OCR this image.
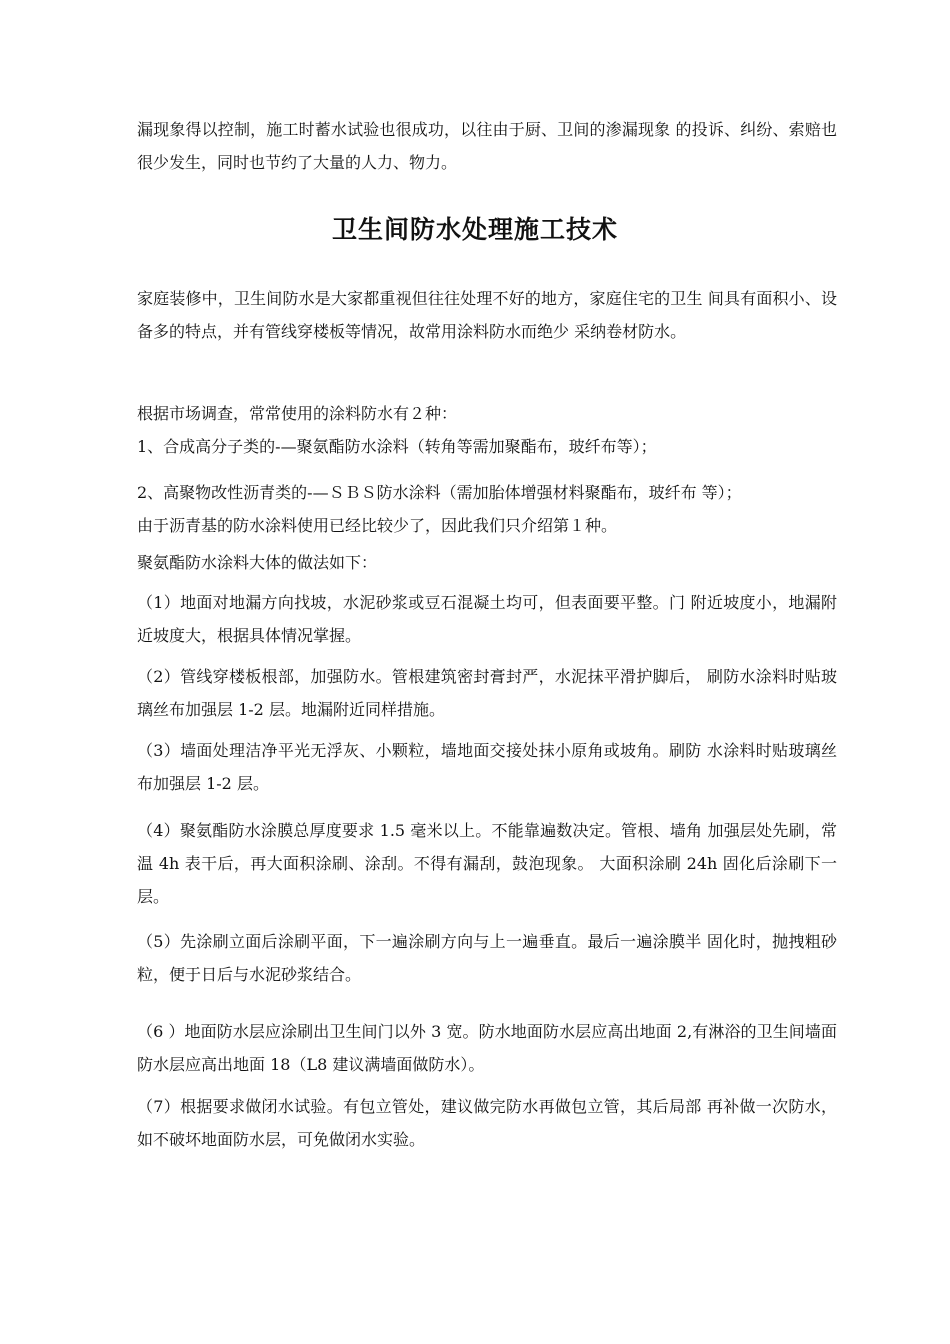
漏现象得以控制，施工时蓄水试验也很成功，以往由于厨、卫间的渗漏现象 的投诉、纠纷、索赔也很少发生，同时也节约了大量的人力、物力。

卫生间防水处理施工技术

家庭装修中，卫生间防水是大家都重视但往往处理不好的地方，家庭住宅的卫生 间具有面积小、设备多的特点，并有管线穿楼板等情况，故常用涂料防水而绝少 采纳卷材防水。

根据市场调查，常常使用的涂料防水有２种：

1、合成高分子类的-—聚氨酯防水涂料（转角等需加聚酯布，玻纤布等）；

2、高聚物改性沥青类的-—ＳＢＳ防水涂料（需加胎体增强材料聚酯布，玻纤布 等）；

由于沥青基的防水涂料使用已经比较少了，因此我们只介绍第１种。

聚氨酯防水涂料大体的做法如下：

（1）地面对地漏方向找坡，水泥砂浆或豆石混凝土均可，但表面要平整。门 附近坡度小，地漏附近坡度大，根据具体情况掌握。

（2）管线穿楼板根部，加强防水。管根建筑密封膏封严，水泥抹平滑护脚后， 刷防水涂料时贴玻璃丝布加强层 1-2 层。地漏附近同样措施。

（3）墙面处理洁净平光无浮灰、小颗粒，墙地面交接处抹小原角或坡角。刷防 水涂料时贴玻璃丝布加强层 1-2 层。

（4）聚氨酯防水涂膜总厚度要求 1.5 毫米以上。不能靠遍数决定。管根、墙角 加强层处先刷，常温 4h 表干后，再大面积涂刷、涂刮。不得有漏刮，鼓泡现象。 大面积涂刷 24h 固化后涂刷下一层。

（5）先涂刷立面后涂刷平面，下一遍涂刷方向与上一遍垂直。最后一遍涂膜半 固化时，抛拽粗砂粒，便于日后与水泥砂浆结合。

（6 ）地面防水层应涂刷出卫生间门以外 3 宽。防水地面防水层应高出地面 2,有淋浴的卫生间墙面防水层应高出地面 18（L8 建议满墙面做防水）。

（7）根据要求做闭水试验。有包立管处，建议做完防水再做包立管，其后局部 再补做一次防水，如不破坏地面防水层，可免做闭水实验。
